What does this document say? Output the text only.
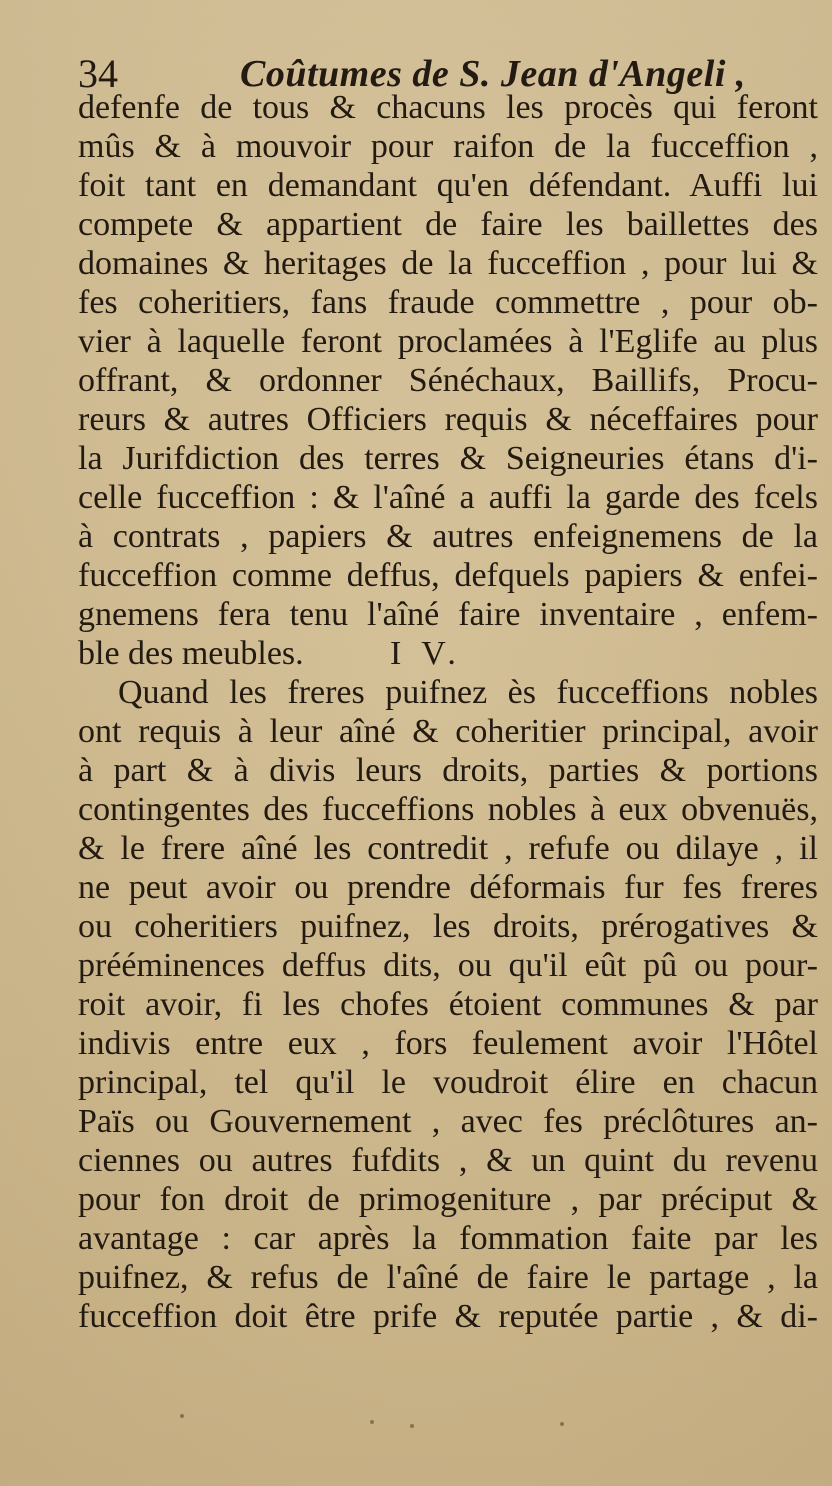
34	Coûtumes de S. Jean d'Angeli ,
defenfe de tous & chacuns les procès qui feront
mûs & à mouvoir pour raifon de la fucceffion ,
foit tant en demandant qu'en défendant. Auffi lui
compete & appartient de faire les baillettes des
domaines & heritages de la fucceffion , pour lui &
fes coheritiers, fans fraude commettre , pour ob-
vier à laquelle feront proclamées à l'Eglife au plus
offrant, & ordonner Sénéchaux, Baillifs, Procu-
reurs & autres Officiers requis & néceffaires pour
la Jurifdiction des terres & Seigneuries étans d'i-
celle fucceffion : & l'aîné a auffi la garde des fcels
à contrats , papiers & autres enfeignemens de la
fucceffion comme deffus, defquels papiers & enfei-
gnemens fera tenu l'aîné faire inventaire , enfem-
ble des meubles.	I V.
Quand les freres puifnez ès fucceffions nobles
ont requis à leur aîné & coheritier principal, avoir
à part & à divis leurs droits, parties & portions
contingentes des fucceffions nobles à eux obvenuës,
& le frere aîné les contredit , refufe ou dilaye , il
ne peut avoir ou prendre déformais fur fes freres
ou coheritiers puifnez, les droits, prérogatives &
prééminences deffus dits, ou qu'il eût pû ou pour-
roit avoir, fi les chofes étoient communes & par
indivis entre eux , fors feulement avoir l'Hôtel
principal, tel qu'il le voudroit élire en chacun
Païs ou Gouvernement , avec fes préclôtures an-
ciennes ou autres fufdits , & un quint du revenu
pour fon droit de primogeniture , par préciput &
avantage : car après la fommation faite par les
puifnez, & refus de l'aîné de faire le partage , la
fucceffion doit être prife & reputée partie , & di-
